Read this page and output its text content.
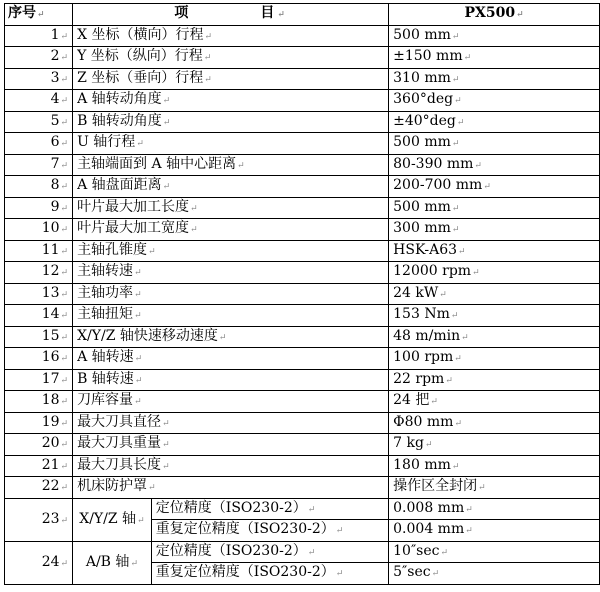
序号↵	项 目↵		PX500↵
1↵	X 坐标（横向）行程↵		500 mm↵
2↵	Y 坐标（纵向）行程↵		±150 mm↵
3↵	Z 坐标（垂向）行程↵		310 mm↵
4↵	A 轴转动角度↵		360°deg↵
5↵	B 轴转动角度↵		±40°deg↵
6↵	U 轴行程↵		500 mm↵
7↵	主轴端面到 A 轴中心距离↵		80-390 mm↵
8↵	A 轴盘面距离↵		200-700 mm↵
9↵	叶片最大加工长度↵		500 mm↵
10↵	叶片最大加工宽度↵		300 mm↵
11↵	主轴孔锥度↵		HSK-A63↵
12↵	主轴转速↵		12000 rpm↵
13↵	主轴功率↵		24 kW↵
14↵	主轴扭矩↵		153 Nm↵
15↵	X/Y/Z 轴快速移动速度↵		48 m/min↵
16↵	A 轴转速↵		100 rpm↵
17↵	B 轴转速↵		22 rpm↵
18↵	刀库容量↵		24 把↵
19↵	最大刀具直径↵		Φ80 mm↵
20↵	最大刀具重量↵		7 kg↵
21↵	最大刀具长度↵		180 mm↵
22↵	机床防护罩↵		操作区全封闭↵
23↵	X/Y/Z 轴↵	定位精度（ISO230-2）↵	0.008 mm↵
		重复定位精度（ISO230-2）↵	0.004 mm↵
24↵	A/B 轴↵	定位精度（ISO230-2）↵	10″sec↵
		重复定位精度（ISO230-2）↵	5″sec↵
